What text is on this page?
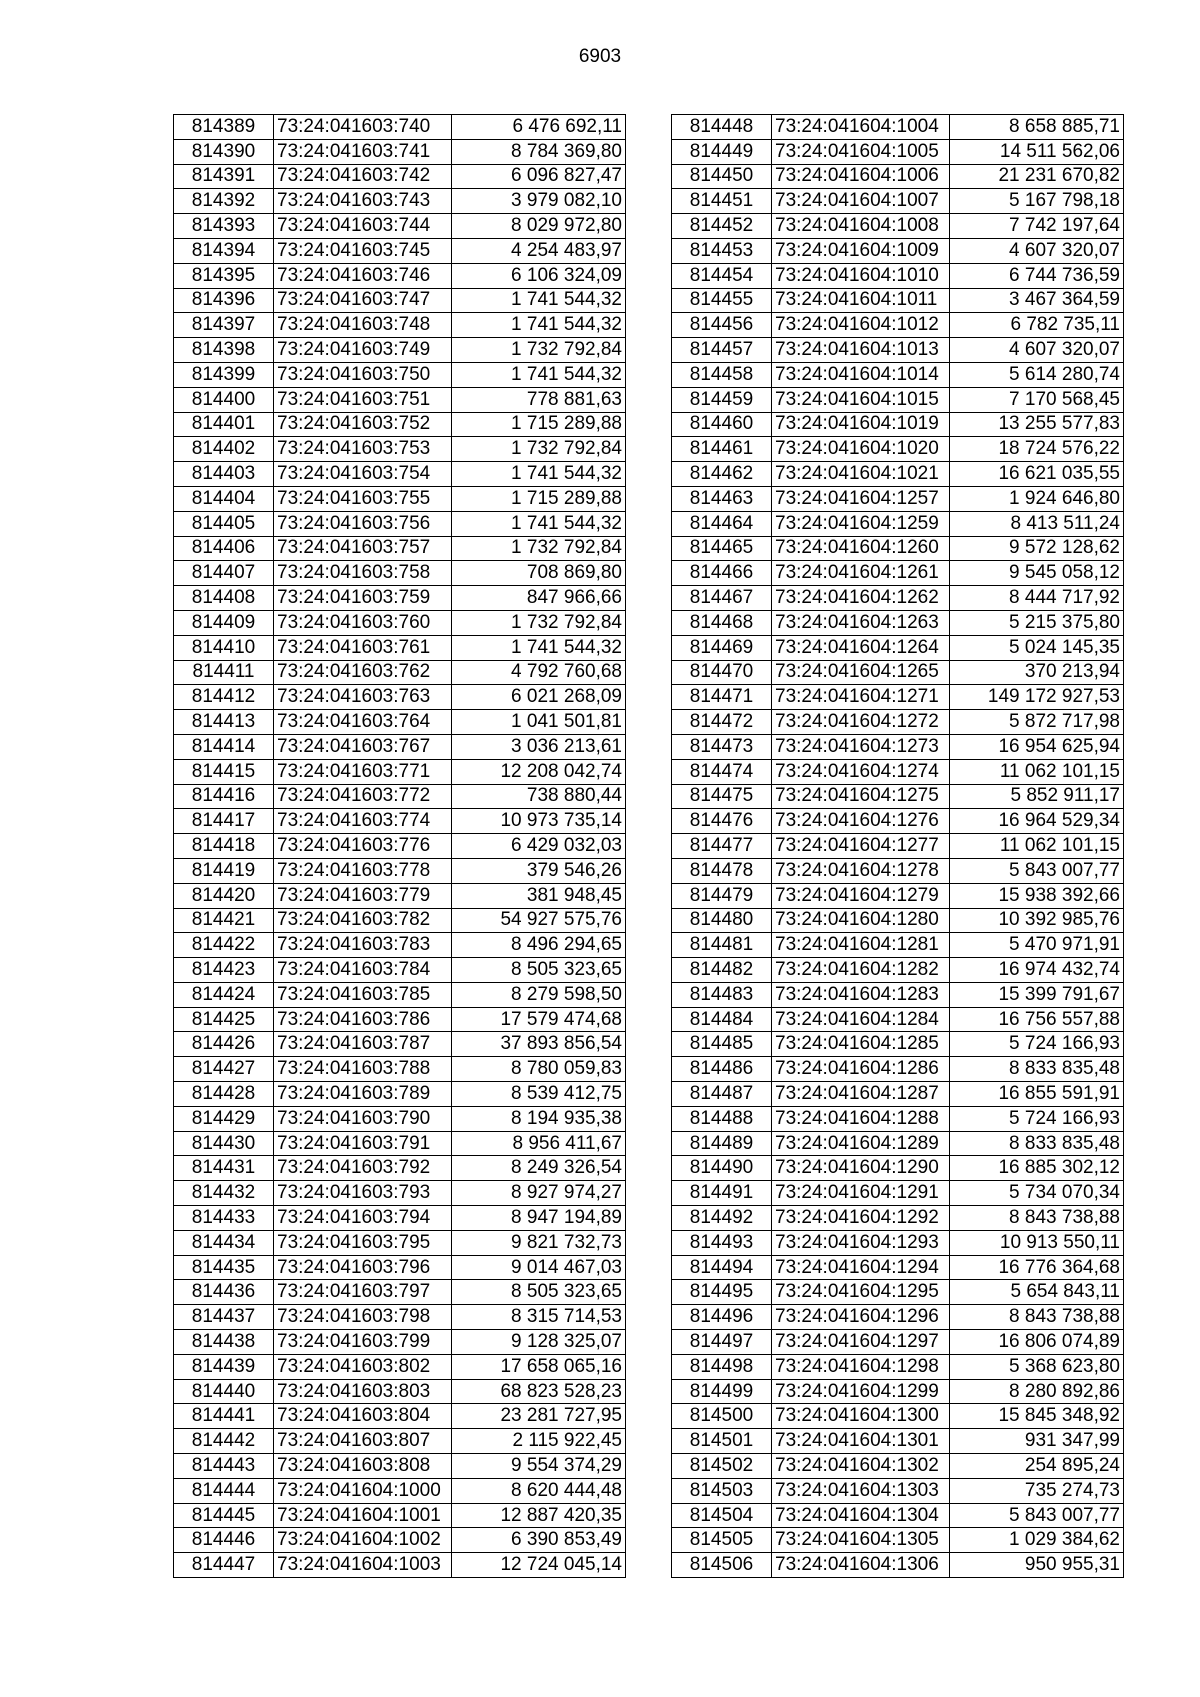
6903
814389	73:24:041603:740	6 476 692,11
814390	73:24:041603:741	8 784 369,80
814391	73:24:041603:742	6 096 827,47
814392	73:24:041603:743	3 979 082,10
814393	73:24:041603:744	8 029 972,80
814394	73:24:041603:745	4 254 483,97
814395	73:24:041603:746	6 106 324,09
814396	73:24:041603:747	1 741 544,32
814397	73:24:041603:748	1 741 544,32
814398	73:24:041603:749	1 732 792,84
814399	73:24:041603:750	1 741 544,32
814400	73:24:041603:751	778 881,63
814401	73:24:041603:752	1 715 289,88
814402	73:24:041603:753	1 732 792,84
814403	73:24:041603:754	1 741 544,32
814404	73:24:041603:755	1 715 289,88
814405	73:24:041603:756	1 741 544,32
814406	73:24:041603:757	1 732 792,84
814407	73:24:041603:758	708 869,80
814408	73:24:041603:759	847 966,66
814409	73:24:041603:760	1 732 792,84
814410	73:24:041603:761	1 741 544,32
814411	73:24:041603:762	4 792 760,68
814412	73:24:041603:763	6 021 268,09
814413	73:24:041603:764	1 041 501,81
814414	73:24:041603:767	3 036 213,61
814415	73:24:041603:771	12 208 042,74
814416	73:24:041603:772	738 880,44
814417	73:24:041603:774	10 973 735,14
814418	73:24:041603:776	6 429 032,03
814419	73:24:041603:778	379 546,26
814420	73:24:041603:779	381 948,45
814421	73:24:041603:782	54 927 575,76
814422	73:24:041603:783	8 496 294,65
814423	73:24:041603:784	8 505 323,65
814424	73:24:041603:785	8 279 598,50
814425	73:24:041603:786	17 579 474,68
814426	73:24:041603:787	37 893 856,54
814427	73:24:041603:788	8 780 059,83
814428	73:24:041603:789	8 539 412,75
814429	73:24:041603:790	8 194 935,38
814430	73:24:041603:791	8 956 411,67
814431	73:24:041603:792	8 249 326,54
814432	73:24:041603:793	8 927 974,27
814433	73:24:041603:794	8 947 194,89
814434	73:24:041603:795	9 821 732,73
814435	73:24:041603:796	9 014 467,03
814436	73:24:041603:797	8 505 323,65
814437	73:24:041603:798	8 315 714,53
814438	73:24:041603:799	9 128 325,07
814439	73:24:041603:802	17 658 065,16
814440	73:24:041603:803	68 823 528,23
814441	73:24:041603:804	23 281 727,95
814442	73:24:041603:807	2 115 922,45
814443	73:24:041603:808	9 554 374,29
814444	73:24:041604:1000	8 620 444,48
814445	73:24:041604:1001	12 887 420,35
814446	73:24:041604:1002	6 390 853,49
814447	73:24:041604:1003	12 724 045,14
814448	73:24:041604:1004	8 658 885,71
814449	73:24:041604:1005	14 511 562,06
814450	73:24:041604:1006	21 231 670,82
814451	73:24:041604:1007	5 167 798,18
814452	73:24:041604:1008	7 742 197,64
814453	73:24:041604:1009	4 607 320,07
814454	73:24:041604:1010	6 744 736,59
814455	73:24:041604:1011	3 467 364,59
814456	73:24:041604:1012	6 782 735,11
814457	73:24:041604:1013	4 607 320,07
814458	73:24:041604:1014	5 614 280,74
814459	73:24:041604:1015	7 170 568,45
814460	73:24:041604:1019	13 255 577,83
814461	73:24:041604:1020	18 724 576,22
814462	73:24:041604:1021	16 621 035,55
814463	73:24:041604:1257	1 924 646,80
814464	73:24:041604:1259	8 413 511,24
814465	73:24:041604:1260	9 572 128,62
814466	73:24:041604:1261	9 545 058,12
814467	73:24:041604:1262	8 444 717,92
814468	73:24:041604:1263	5 215 375,80
814469	73:24:041604:1264	5 024 145,35
814470	73:24:041604:1265	370 213,94
814471	73:24:041604:1271	149 172 927,53
814472	73:24:041604:1272	5 872 717,98
814473	73:24:041604:1273	16 954 625,94
814474	73:24:041604:1274	11 062 101,15
814475	73:24:041604:1275	5 852 911,17
814476	73:24:041604:1276	16 964 529,34
814477	73:24:041604:1277	11 062 101,15
814478	73:24:041604:1278	5 843 007,77
814479	73:24:041604:1279	15 938 392,66
814480	73:24:041604:1280	10 392 985,76
814481	73:24:041604:1281	5 470 971,91
814482	73:24:041604:1282	16 974 432,74
814483	73:24:041604:1283	15 399 791,67
814484	73:24:041604:1284	16 756 557,88
814485	73:24:041604:1285	5 724 166,93
814486	73:24:041604:1286	8 833 835,48
814487	73:24:041604:1287	16 855 591,91
814488	73:24:041604:1288	5 724 166,93
814489	73:24:041604:1289	8 833 835,48
814490	73:24:041604:1290	16 885 302,12
814491	73:24:041604:1291	5 734 070,34
814492	73:24:041604:1292	8 843 738,88
814493	73:24:041604:1293	10 913 550,11
814494	73:24:041604:1294	16 776 364,68
814495	73:24:041604:1295	5 654 843,11
814496	73:24:041604:1296	8 843 738,88
814497	73:24:041604:1297	16 806 074,89
814498	73:24:041604:1298	5 368 623,80
814499	73:24:041604:1299	8 280 892,86
814500	73:24:041604:1300	15 845 348,92
814501	73:24:041604:1301	931 347,99
814502	73:24:041604:1302	254 895,24
814503	73:24:041604:1303	735 274,73
814504	73:24:041604:1304	5 843 007,77
814505	73:24:041604:1305	1 029 384,62
814506	73:24:041604:1306	950 955,31
